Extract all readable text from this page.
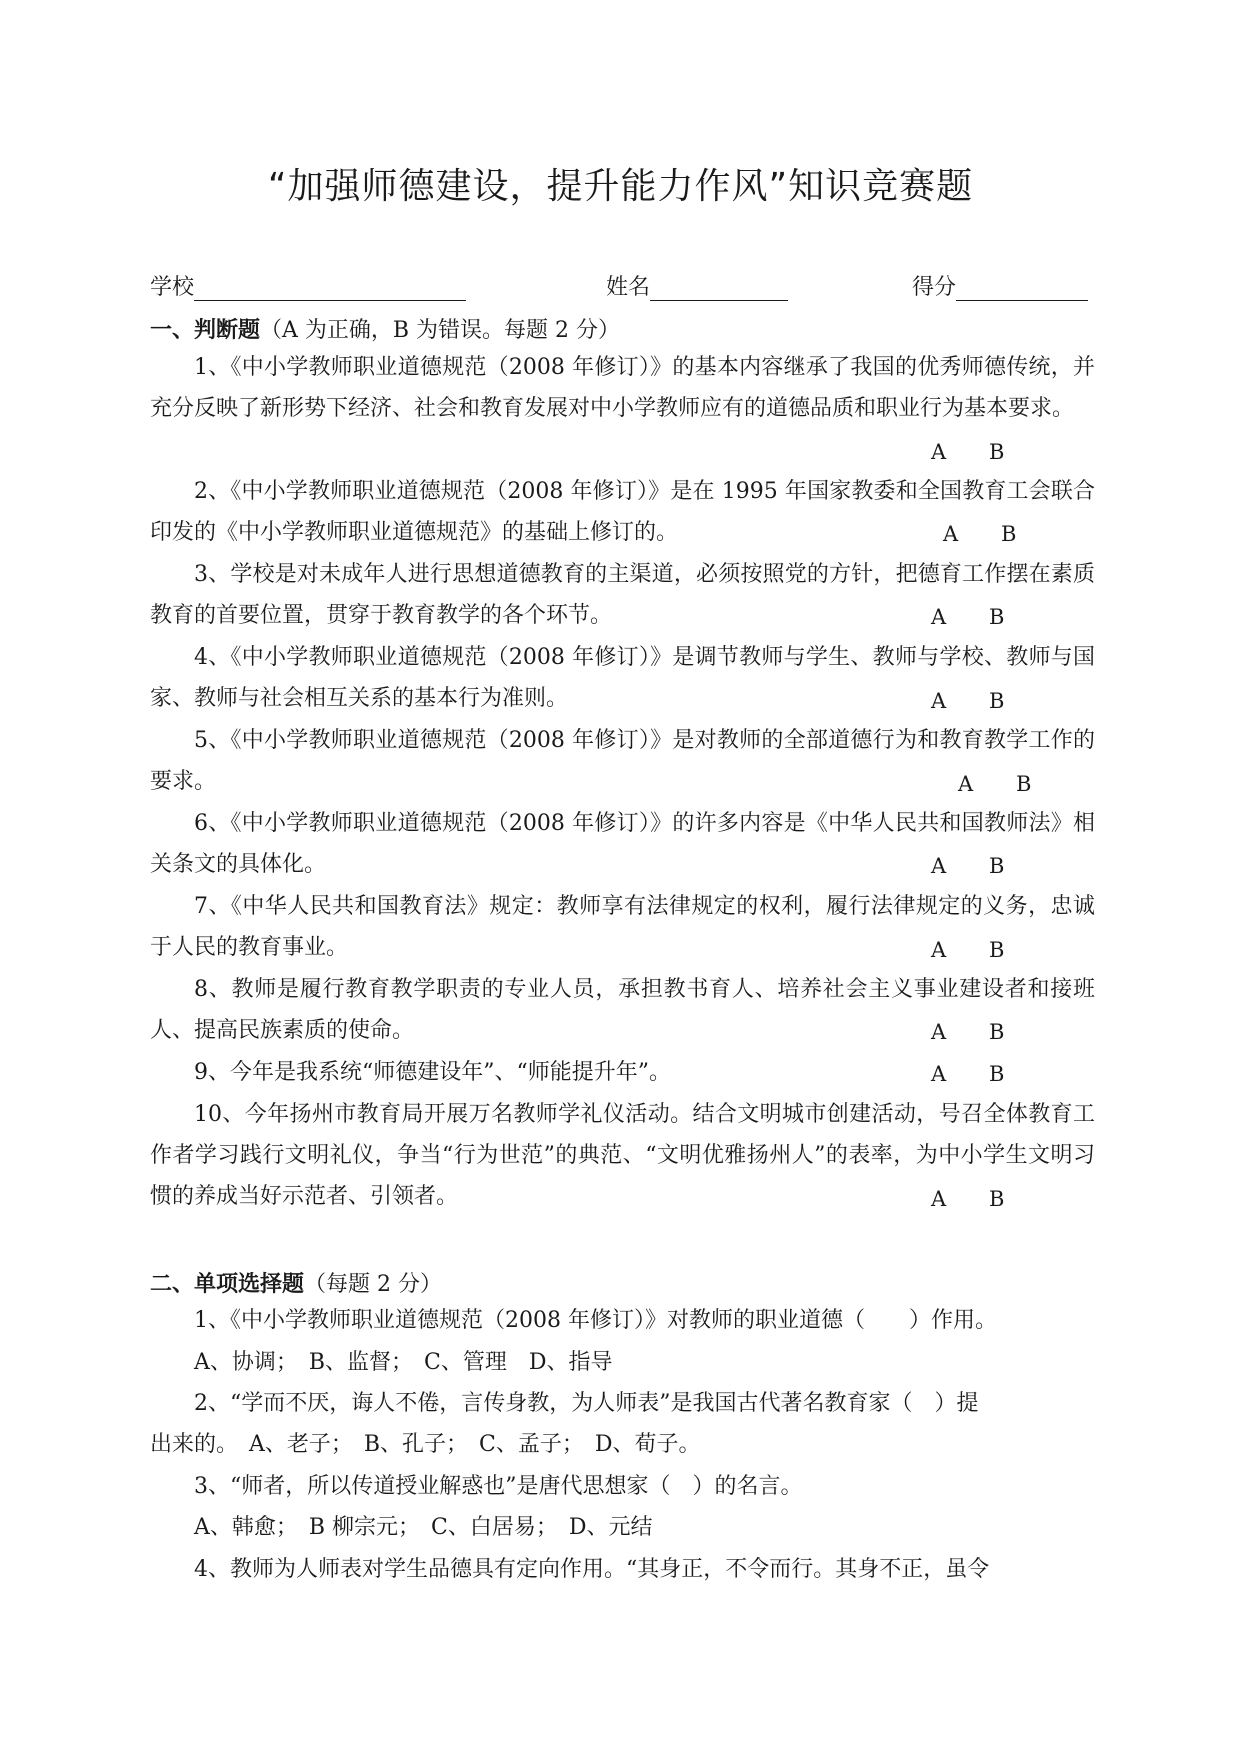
“加强师德建设，提升能力作风”知识竞赛题
学校	姓名	得分
一、判断题（A 为正确，B 为错误。每题 2 分）

1、《中小学教师职业道德规范（2008 年修订）》的基本内容继承了我国的优秀师德传统，并充分反映了新形势下经济、社会和教育发展对中小学教师应有的道德品质和职业行为基本要求。

A B

2、《中小学教师职业道德规范（2008 年修订）》是在 1995 年国家教委和全国教育工会联合印发的《中小学教师职业道德规范》的基础上修订的。	A B

3、学校是对未成年人进行思想道德教育的主渠道，必须按照党的方针，把德育工作摆在素质教育的首要位置，贯穿于教育教学的各个环节。	A B

4、《中小学教师职业道德规范（2008 年修订）》是调节教师与学生、教师与学校、教师与国家、教师与社会相互关系的基本行为准则。	A B

5、《中小学教师职业道德规范（2008 年修订）》是对教师的全部道德行为和教育教学工作的要求。	A B

6、《中小学教师职业道德规范（2008 年修订）》的许多内容是《中华人民共和国教师法》相关条文的具体化。	A B

7、《中华人民共和国教育法》规定：教师享有法律规定的权利，履行法律规定的义务，忠诚于人民的教育事业。	A B

8、教师是履行教育教学职责的专业人员，承担教书育人、培养社会主义事业建设者和接班人、提高民族素质的使命。	A B

9、今年是我系统“师德建设年”、“师能提升年”。	A B

10、今年扬州市教育局开展万名教师学礼仪活动。结合文明城市创建活动，号召全体教育工作者学习践行文明礼仪，争当“行为世范”的典范、“文明优雅扬州人”的表率，为中小学生文明习惯的养成当好示范者、引领者。	A B
二、单项选择题（每题 2 分）
1、《中小学教师职业道德规范（2008 年修订）》对教师的职业道德（　　）作用。
A、协调；　B、监督；　C、管理　D、指导
2、“学而不厌，诲人不倦，言传身教，为人师表”是我国古代著名教育家（　）提
出来的。　A、老子；　B、孔子；　C、孟子；　D、荀子。
3、“师者，所以传道授业解惑也”是唐代思想家（　）的名言。
A、韩愈；　B 柳宗元；　C、白居易；　D、元结
4、教师为人师表对学生品德具有定向作用。“其身正，不令而行。其身不正，虽令
